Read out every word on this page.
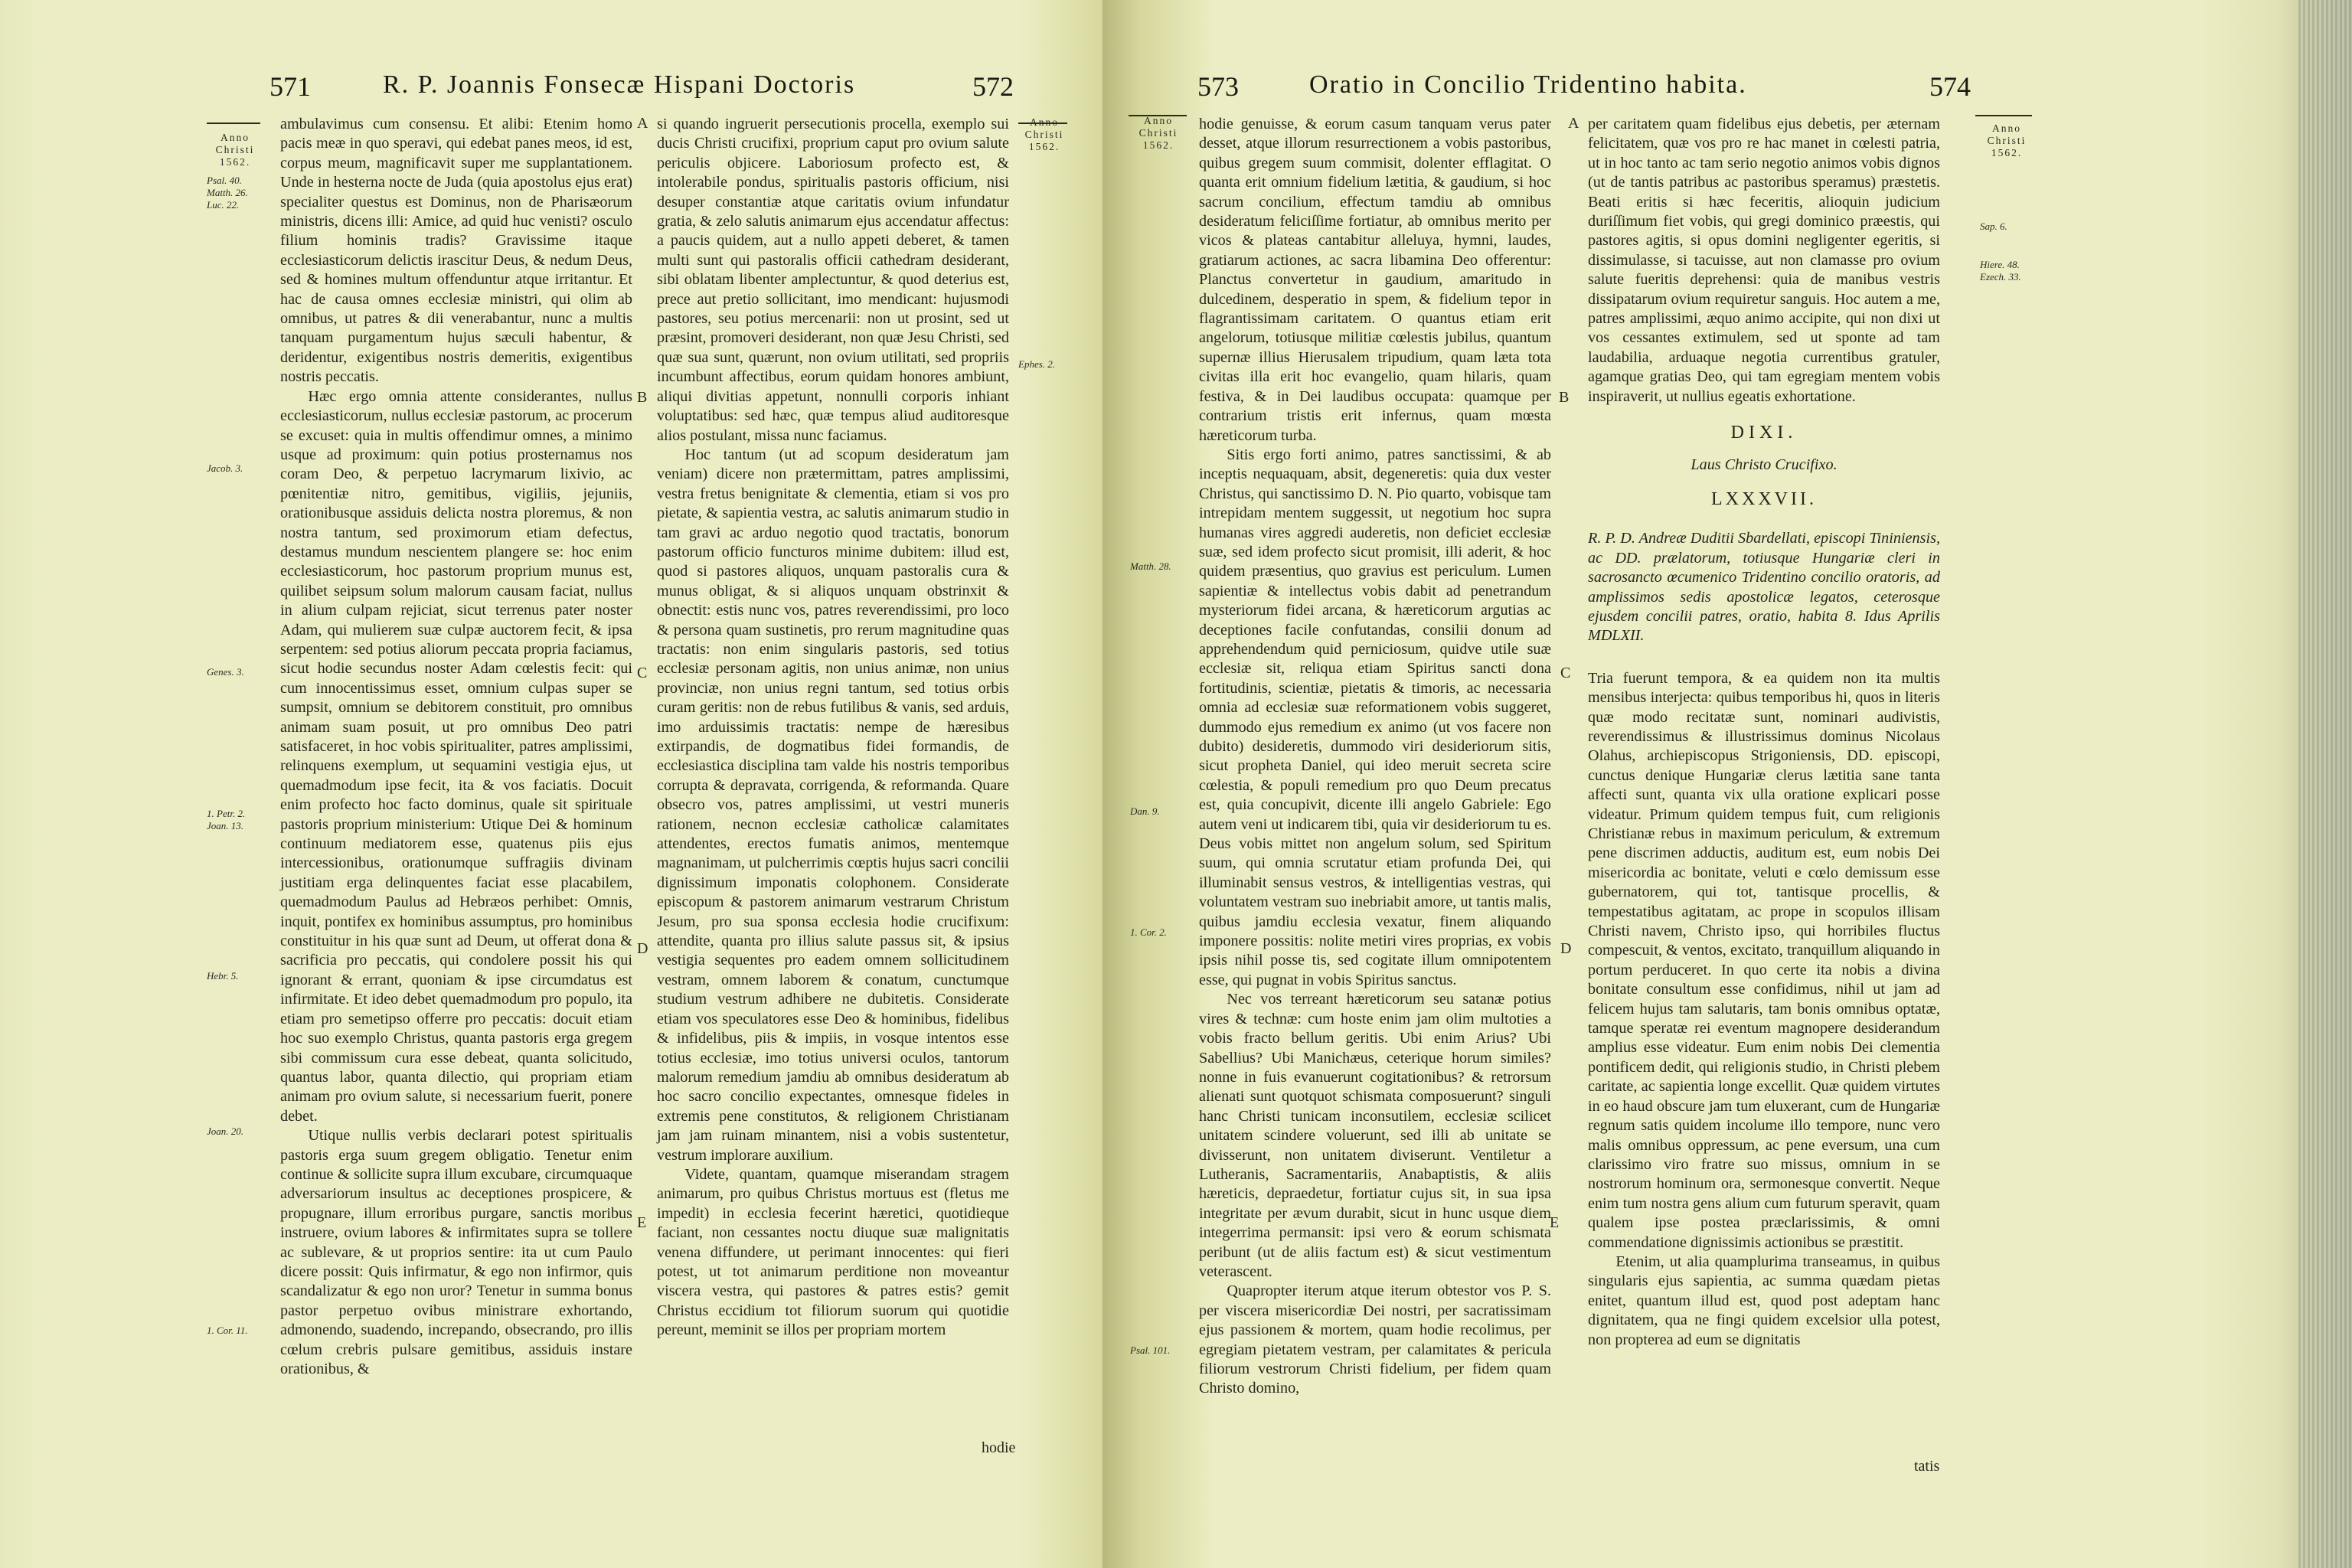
571	R. P. Joannis Fonsecæ Hispani Doctoris	572
Anno
Christi
1562.
Anno
Christi
1562.
Psal. 40.
Matth. 26.
Luc. 22.
Jacob. 3.
Genes. 3.
1. Petr. 2.
Joan. 13.
Hebr. 5.
Joan. 20.
1. Cor. 11.
Ephes. 2.
A
B
C
D
E

ambulavimus cum consensu. Et alibi: Etenim homo pacis meæ in quo speravi, qui edebat panes meos, id est, corpus meum, magnificavit super me supplantationem. Unde in hesterna nocte de Juda (quia apostolus ejus erat) specialiter questus est Dominus, non de Pharisæorum ministris, dicens illi: Amice, ad quid huc venisti? osculo filium hominis tradis? Gravissime itaque ecclesiasticorum delictis irascitur Deus, & nedum Deus, sed & homines multum offenduntur atque irritantur. Et hac de causa omnes ecclesiæ ministri, qui olim ab omnibus, ut patres & dii venerabantur, nunc a multis tanquam purgamentum hujus sæculi habentur, & deridentur, exigentibus nostris demeritis, exigentibus nostris peccatis.

Hæc ergo omnia attente considerantes, nullus ecclesiasticorum, nullus ecclesiæ pastorum, ac procerum se excuset: quia in multis offendimur omnes, a minimo usque ad proximum: quin potius prosternamus nos coram Deo, & perpetuo lacrymarum lixivio, ac pœnitentiæ nitro, gemitibus, vigiliis, jejuniis, orationibusque assiduis delicta nostra ploremus, & non nostra tantum, sed proximorum etiam defectus, destamus mundum nescientem plangere se: hoc enim ecclesiasticorum, hoc pastorum proprium munus est, quilibet seipsum solum malorum causam faciat, nullus in alium culpam rejiciat, sicut terrenus pater noster Adam, qui mulierem suæ culpæ auctorem fecit, & ipsa serpentem: sed potius aliorum peccata propria faciamus, sicut hodie secundus noster Adam cœlestis fecit: qui cum innocentissimus esset, omnium culpas super se sumpsit, omnium se debitorem constituit, pro omnibus animam suam posuit, ut pro omnibus Deo patri satisfaceret, in hoc vobis spiritualiter, patres amplissimi, relinquens exemplum, ut sequamini vestigia ejus, ut quemadmodum ipse fecit, ita & vos faciatis. Docuit enim profecto hoc facto dominus, quale sit spirituale pastoris proprium ministerium: Utique Dei & hominum continuum mediatorem esse, quatenus piis ejus intercessionibus, orationumque suffragiis divinam justitiam erga delinquentes faciat esse placabilem, quemadmodum Paulus ad Hebræos perhibet: Omnis, inquit, pontifex ex hominibus assumptus, pro hominibus constituitur in his quæ sunt ad Deum, ut offerat dona & sacrificia pro peccatis, qui condolere possit his qui ignorant & errant, quoniam & ipse circumdatus est infirmitate. Et ideo debet quemadmodum pro populo, ita etiam pro semetipso offerre pro peccatis: docuit etiam hoc suo exemplo Christus, quanta pastoris erga gregem sibi commissum cura esse debeat, quanta solicitudo, quantus labor, quanta dilectio, qui propriam etiam animam pro ovium salute, si necessarium fuerit, ponere debet.

Utique nullis verbis declarari potest spiritualis pastoris erga suum gregem obligatio. Tenetur enim continue & sollicite supra illum excubare, circumquaque adversariorum insultus ac deceptiones prospicere, & propugnare, illum erroribus purgare, sanctis moribus instruere, ovium labores & infirmitates supra se tollere ac sublevare, & ut proprios sentire: ita ut cum Paulo dicere possit: Quis infirmatur, & ego non infirmor, quis scandalizatur & ego non uror? Tenetur in summa bonus pastor perpetuo ovibus ministrare exhortando, admonendo, suadendo, increpando, obsecrando, pro illis cœlum crebris pulsare gemitibus, assiduis instare orationibus, &

si quando ingruerit persecutionis procella, exemplo sui ducis Christi crucifixi, proprium caput pro ovium salute periculis objicere. Laboriosum profecto est, & intolerabile pondus, spiritualis pastoris officium, nisi desuper constantiæ atque caritatis ovium infundatur gratia, & zelo salutis animarum ejus accendatur affectus: a paucis quidem, aut a nullo appeti deberet, & tamen multi sunt qui pastoralis officii cathedram desiderant, sibi oblatam libenter amplectuntur, & quod deterius est, prece aut pretio sollicitant, imo mendicant: hujusmodi pastores, seu potius mercenarii: non ut prosint, sed ut præsint, promoveri desiderant, non quæ Jesu Christi, sed quæ sua sunt, quærunt, non ovium utilitati, sed propriis incumbunt affectibus, eorum quidam honores ambiunt, aliqui divitias appetunt, nonnulli corporis inhiant voluptatibus: sed hæc, quæ tempus aliud auditoresque alios postulant, missa nunc faciamus.

Hoc tantum (ut ad scopum desideratum jam veniam) dicere non prætermittam, patres amplissimi, vestra fretus benignitate & clementia, etiam si vos pro pietate, & sapientia vestra, ac salutis animarum studio in tam gravi ac arduo negotio quod tractatis, bonorum pastorum officio functuros minime dubitem: illud est, quod si pastores aliquos, unquam pastoralis cura & munus obligat, & si aliquos unquam obstrinxit & obnectit: estis nunc vos, patres reverendissimi, pro loco & persona quam sustinetis, pro rerum magnitudine quas tractatis: non enim singularis pastoris, sed totius ecclesiæ personam agitis, non unius animæ, non unius provinciæ, non unius regni tantum, sed totius orbis curam geritis: non de rebus futilibus & vanis, sed arduis, imo arduissimis tractatis: nempe de hæresibus extirpandis, de dogmatibus fidei formandis, de ecclesiastica disciplina tam valde his nostris temporibus corrupta & depravata, corrigenda, & reformanda. Quare obsecro vos, patres amplissimi, ut vestri muneris rationem, necnon ecclesiæ catholicæ calamitates attendentes, erectos fumatis animos, mentemque magnanimam, ut pulcherrimis cœptis hujus sacri concilii dignissimum imponatis colophonem. Considerate episcopum & pastorem animarum vestrarum Christum Jesum, pro sua sponsa ecclesia hodie crucifixum: attendite, quanta pro illius salute passus sit, & ipsius vestigia sequentes pro eadem omnem sollicitudinem vestram, omnem laborem & conatum, cunctumque studium vestrum adhibere ne dubitetis. Considerate etiam vos speculatores esse Deo & hominibus, fidelibus & infidelibus, piis & impiis, in vosque intentos esse totius ecclesiæ, imo totius universi oculos, tantorum malorum remedium jamdiu ab omnibus desideratum ab hoc sacro concilio expectantes, omnesque fideles in extremis pene constitutos, & religionem Christianam jam jam ruinam minantem, nisi a vobis sustentetur, vestrum implorare auxilium.

Videte, quantam, quamque miserandam stragem animarum, pro quibus Christus mortuus est (fletus me impedit) in ecclesia fecerint hæretici, quotidieque faciant, non cessantes noctu diuque suæ malignitatis venena diffundere, ut perimant innocentes: qui fieri potest, ut tot animarum perditione non moveantur viscera vestra, qui pastores & patres estis? gemit Christus eccidium tot filiorum suorum qui quotidie pereunt, meminit se illos per propriam mortem

hodie
573	Oratio in Concilio Tridentino habita.	574
Anno
Christi
1562.
Anno
Christi
1562.
Matth. 28.
Dan. 9.
1. Cor. 2.
Psal. 101.
Sap. 6.
Hiere. 48.
Ezech. 33.
A
B
C
D
E

hodie genuisse, & eorum casum tanquam verus pater desset, atque illorum resurrectionem a vobis pastoribus, quibus gregem suum commisit, dolenter efflagitat. O quanta erit omnium fidelium lætitia, & gaudium, si hoc sacrum concilium, effectum tamdiu ab omnibus desideratum feliciſſime fortiatur, ab omnibus merito per vicos & plateas cantabitur alleluya, hymni, laudes, gratiarum actiones, ac sacra libamina Deo offerentur: Planctus convertetur in gaudium, amaritudo in dulcedinem, desperatio in spem, & fidelium tepor in flagrantissimam caritatem. O quantus etiam erit angelorum, totiusque militiæ cœlestis jubilus, quantum supernæ illius Hierusalem tripudium, quam læta tota civitas illa erit hoc evangelio, quam hilaris, quam festiva, & in Dei laudibus occupata: quamque per contrarium tristis erit infernus, quam mœsta hæreticorum turba.

Sitis ergo forti animo, patres sanctissimi, & ab inceptis nequaquam, absit, degeneretis: quia dux vester Christus, qui sanctissimo D. N. Pio quarto, vobisque tam intrepidam mentem suggessit, ut negotium hoc supra humanas vires aggredi auderetis, non deficiet ecclesiæ suæ, sed idem profecto sicut promisit, illi aderit, & hoc quidem præsentius, quo gravius est periculum. Lumen sapientiæ & intellectus vobis dabit ad penetrandum mysteriorum fidei arcana, & hæreticorum argutias ac deceptiones facile confutandas, consilii donum ad apprehendendum quid perniciosum, quidve utile suæ ecclesiæ sit, reliqua etiam Spiritus sancti dona fortitudinis, scientiæ, pietatis & timoris, ac necessaria omnia ad ecclesiæ suæ reformationem vobis suggeret, dummodo ejus remedium ex animo (ut vos facere non dubito) desideretis, dummodo viri desideriorum sitis, sicut propheta Daniel, qui ideo meruit secreta scire cœlestia, & populi remedium pro quo Deum precatus est, quia concupivit, dicente illi angelo Gabriele: Ego autem veni ut indicarem tibi, quia vir desideriorum tu es. Deus vobis mittet non angelum solum, sed Spiritum suum, qui omnia scrutatur etiam profunda Dei, qui illuminabit sensus vestros, & intelligentias vestras, qui voluntatem vestram suo inebriabit amore, ut tantis malis, quibus jamdiu ecclesia vexatur, finem aliquando imponere possitis: nolite metiri vires proprias, ex vobis ipsis nihil posse tis, sed cogitate illum omnipotentem esse, qui pugnat in vobis Spiritus sanctus.

Nec vos terreant hæreticorum seu satanæ potius vires & technæ: cum hoste enim jam olim multoties a vobis fracto bellum geritis. Ubi enim Arius? Ubi Sabellius? Ubi Manichæus, ceterique horum similes? nonne in fuis evanuerunt cogitationibus? & retrorsum alienati sunt quotquot schismata composuerunt? singuli hanc Christi tunicam inconsutilem, ecclesiæ scilicet unitatem scindere voluerunt, sed illi ab unitate se divisserunt, non unitatem diviserunt. Ventiletur a Lutheranis, Sacramentariis, Anabaptistis, & aliis hæreticis, depraedetur, fortiatur cujus sit, in sua ipsa integritate per ævum durabit, sicut in hunc usque diem integerrima permansit: ipsi vero & eorum schismata peribunt (ut de aliis factum est) & sicut vestimentum veterascent.

Quapropter iterum atque iterum obtestor vos P. S. per viscera misericordiæ Dei nostri, per sacratissimam ejus passionem & mortem, quam hodie recolimus, per egregiam pietatem vestram, per calamitates & pericula filiorum vestrorum Christi fidelium, per fidem quam Christo domino,

per caritatem quam fidelibus ejus debetis, per æternam felicitatem, quæ vos pro re hac manet in cœlesti patria, ut in hoc tanto ac tam serio negotio animos vobis dignos (ut de tantis patribus ac pastoribus speramus) præstetis. Beati eritis si hæc feceritis, alioquin judicium duriſſimum fiet vobis, qui gregi dominico præestis, qui pastores agitis, si opus domini negligenter egeritis, si dissimulasse, si tacuisse, aut non clamasse pro ovium salute fueritis deprehensi: quia de manibus vestris dissipatarum ovium requiretur sanguis. Hoc autem a me, patres amplissimi, æquo animo accipite, qui non dixi ut vos cessantes extimulem, sed ut sponte ad tam laudabilia, arduaque negotia currentibus gratuler, agamque gratias Deo, qui tam egregiam mentem vobis inspiraverit, ut nullius egeatis exhortatione.

DIXI.

Laus Christo Crucifixo.

LXXXVII.

R. P. D. Andreæ Duditii Sbardellati, episcopi Tininiensis, ac DD. prælatorum, totiusque Hungariæ cleri in sacrosancto œcumenico Tridentino concilio oratoris, ad amplissimos sedis apostolicæ legatos, ceterosque ejusdem concilii patres, oratio, habita 8. Idus Aprilis MDLXII.

Tria fuerunt tempora, & ea quidem non ita multis mensibus interjecta: quibus temporibus hi, quos in literis quæ modo recitatæ sunt, nominari audivistis, reverendissimus & illustrissimus dominus Nicolaus Olahus, archiepiscopus Strigoniensis, DD. episcopi, cunctus denique Hungariæ clerus lætitia sane tanta affecti sunt, quanta vix ulla oratione explicari posse videatur. Primum quidem tempus fuit, cum religionis Christianæ rebus in maximum periculum, & extremum pene discrimen adductis, auditum est, eum nobis Dei misericordia ac bonitate, veluti e cœlo demissum esse gubernatorem, qui tot, tantisque procellis, & tempestatibus agitatam, ac prope in scopulos illisam Christi navem, Christo ipso, qui horribiles fluctus compescuit, & ventos, excitato, tranquillum aliquando in portum perduceret. In quo certe ita nobis a divina bonitate consultum esse confidimus, nihil ut jam ad felicem hujus tam salutaris, tam bonis omnibus optatæ, tamque speratæ rei eventum magnopere desiderandum amplius esse videatur. Eum enim nobis Dei clementia pontificem dedit, qui religionis studio, in Christi plebem caritate, ac sapientia longe excellit. Quæ quidem virtutes in eo haud obscure jam tum eluxerant, cum de Hungariæ regnum satis quidem incolume illo tempore, nunc vero malis omnibus oppressum, ac pene eversum, una cum clarissimo viro fratre suo missus, omnium in se nostrorum hominum ora, sermonesque convertit. Neque enim tum nostra gens alium cum futurum speravit, quam qualem ipse postea præclarissimis, & omni commendatione dignissimis actionibus se præstitit.

Etenim, ut alia quamplurima transeamus, in quibus singularis ejus sapientia, ac summa quædam pietas enitet, quantum illud est, quod post adeptam hanc dignitatem, qua ne fingi quidem excelsior ulla potest, non propterea ad eum se dignitatis

tatis
